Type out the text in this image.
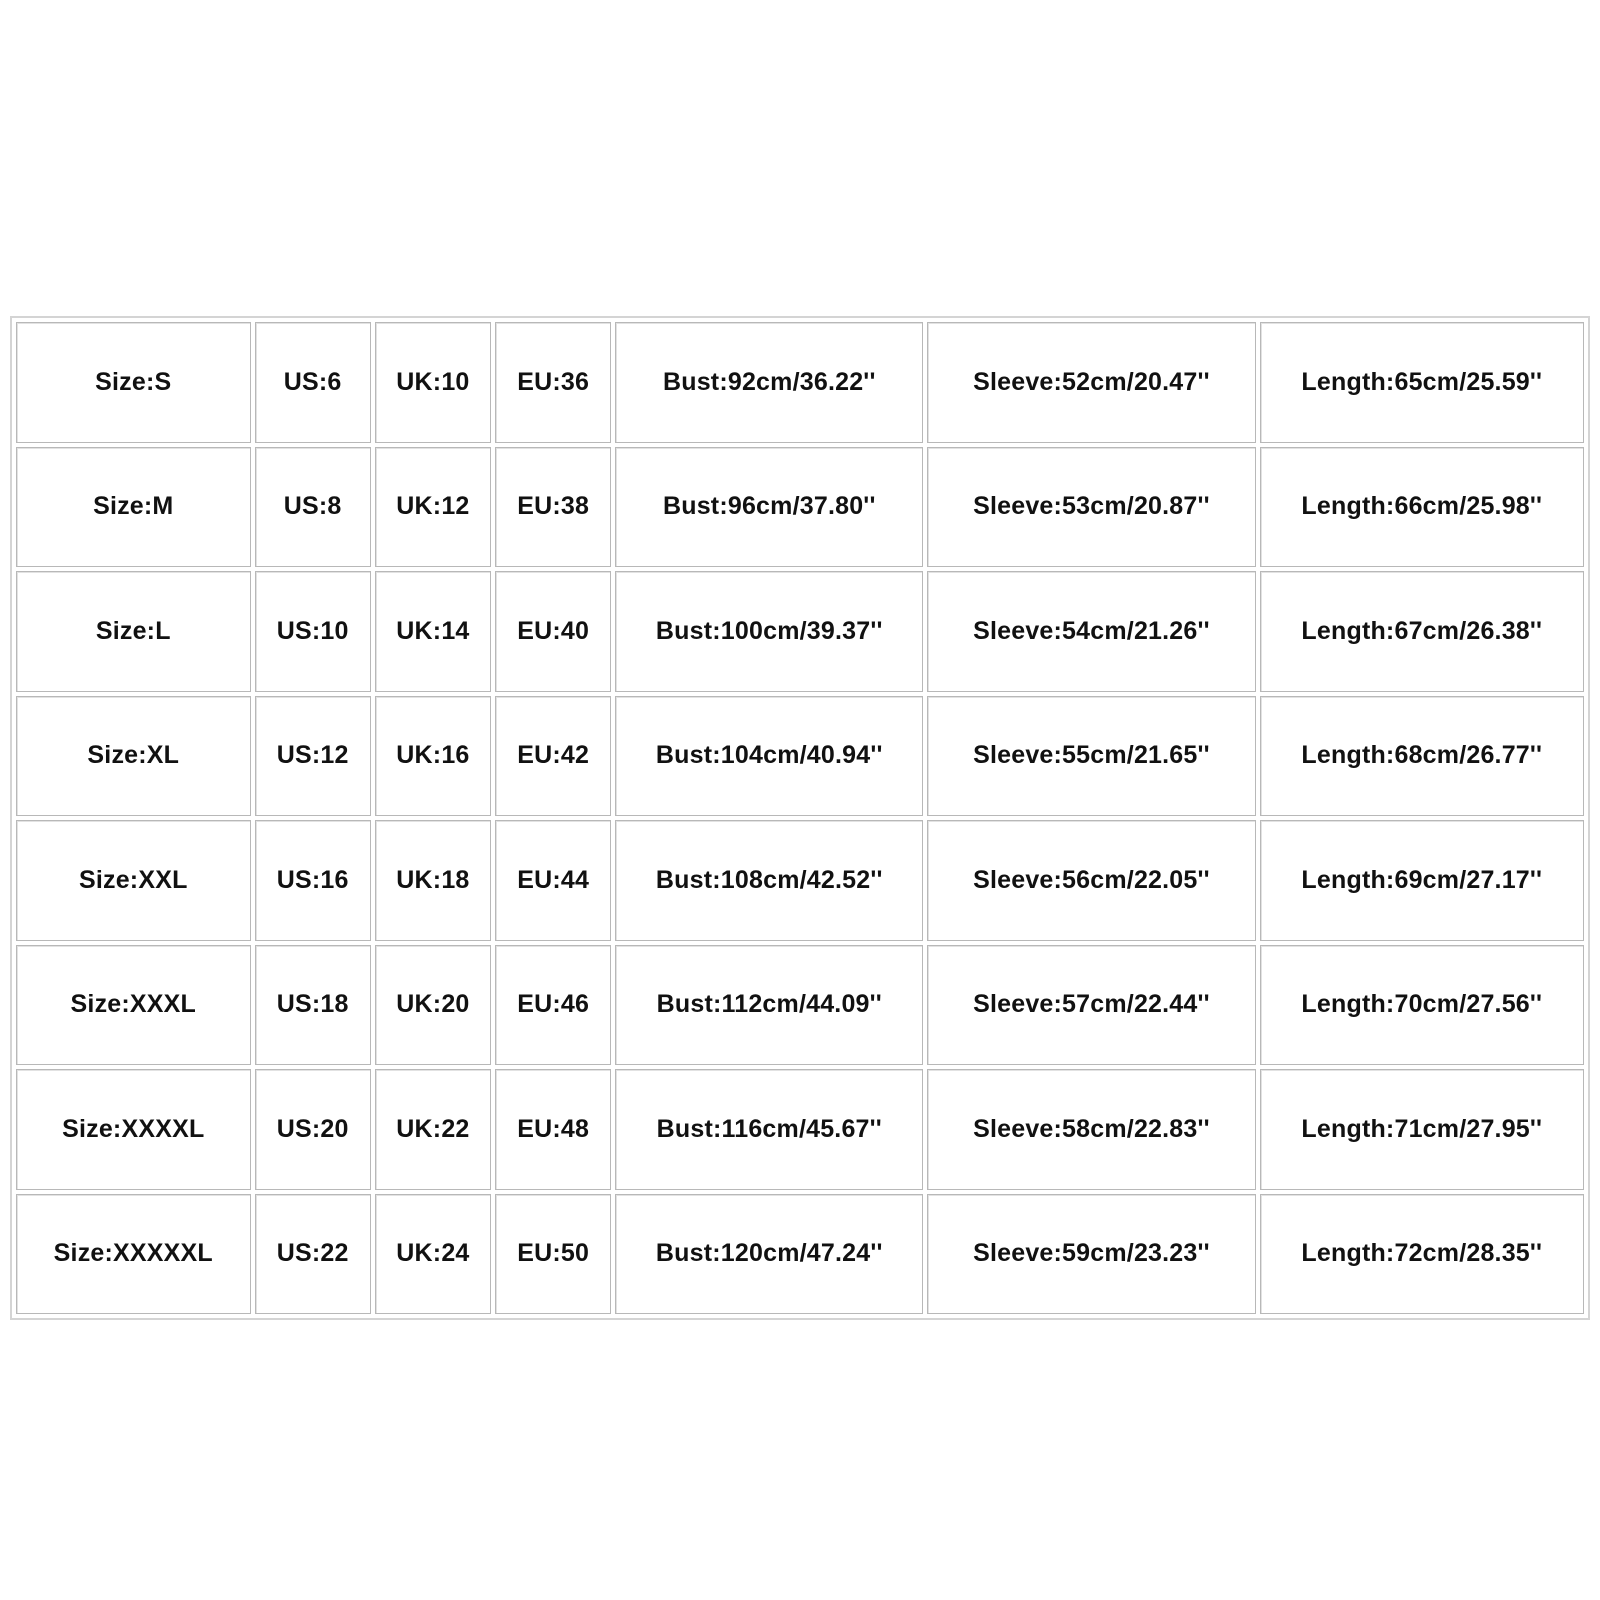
Size:S	US:6	UK:10	EU:36	Bust:92cm/36.22''	Sleeve:52cm/20.47''	Length:65cm/25.59''
Size:M	US:8	UK:12	EU:38	Bust:96cm/37.80''	Sleeve:53cm/20.87''	Length:66cm/25.98''
Size:L	US:10	UK:14	EU:40	Bust:100cm/39.37''	Sleeve:54cm/21.26''	Length:67cm/26.38''
Size:XL	US:12	UK:16	EU:42	Bust:104cm/40.94''	Sleeve:55cm/21.65''	Length:68cm/26.77''
Size:XXL	US:16	UK:18	EU:44	Bust:108cm/42.52''	Sleeve:56cm/22.05''	Length:69cm/27.17''
Size:XXXL	US:18	UK:20	EU:46	Bust:112cm/44.09''	Sleeve:57cm/22.44''	Length:70cm/27.56''
Size:XXXXL	US:20	UK:22	EU:48	Bust:116cm/45.67''	Sleeve:58cm/22.83''	Length:71cm/27.95''
Size:XXXXXL	US:22	UK:24	EU:50	Bust:120cm/47.24''	Sleeve:59cm/23.23''	Length:72cm/28.35''
